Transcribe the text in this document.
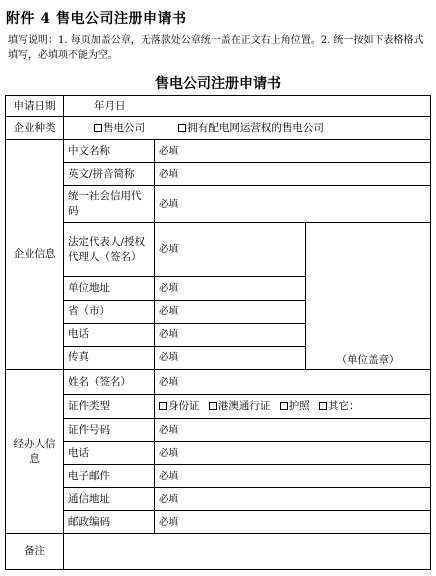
附件 4 售电公司注册申请书
填写说明：1. 每页加盖公章，无落款处公章统一盖在正文右上角位置。2. 统一按如下表格格式填写，必填项不能为空。
售电公司注册申请书
申请日期	年月日		
企业种类	售电公司 拥有配电网运营权的售电公司		
企业信息	中文名称	必填	
	英文/拼音简称	必填	
	统一社会信用代码	必填	
	法定代表人/授权代理人（签名）	必填	（单位盖章）
	单位地址	必填	
	省（市）	必填	
	电话	必填	
	传真	必填	
经办人信息	姓名（签名）	必填	
	证件类型	身份证 港澳通行证 护照 其它：	
	证件号码	必填	
	电话	必填	
	电子邮件	必填	
	通信地址	必填	
	邮政编码	必填	
备注			
